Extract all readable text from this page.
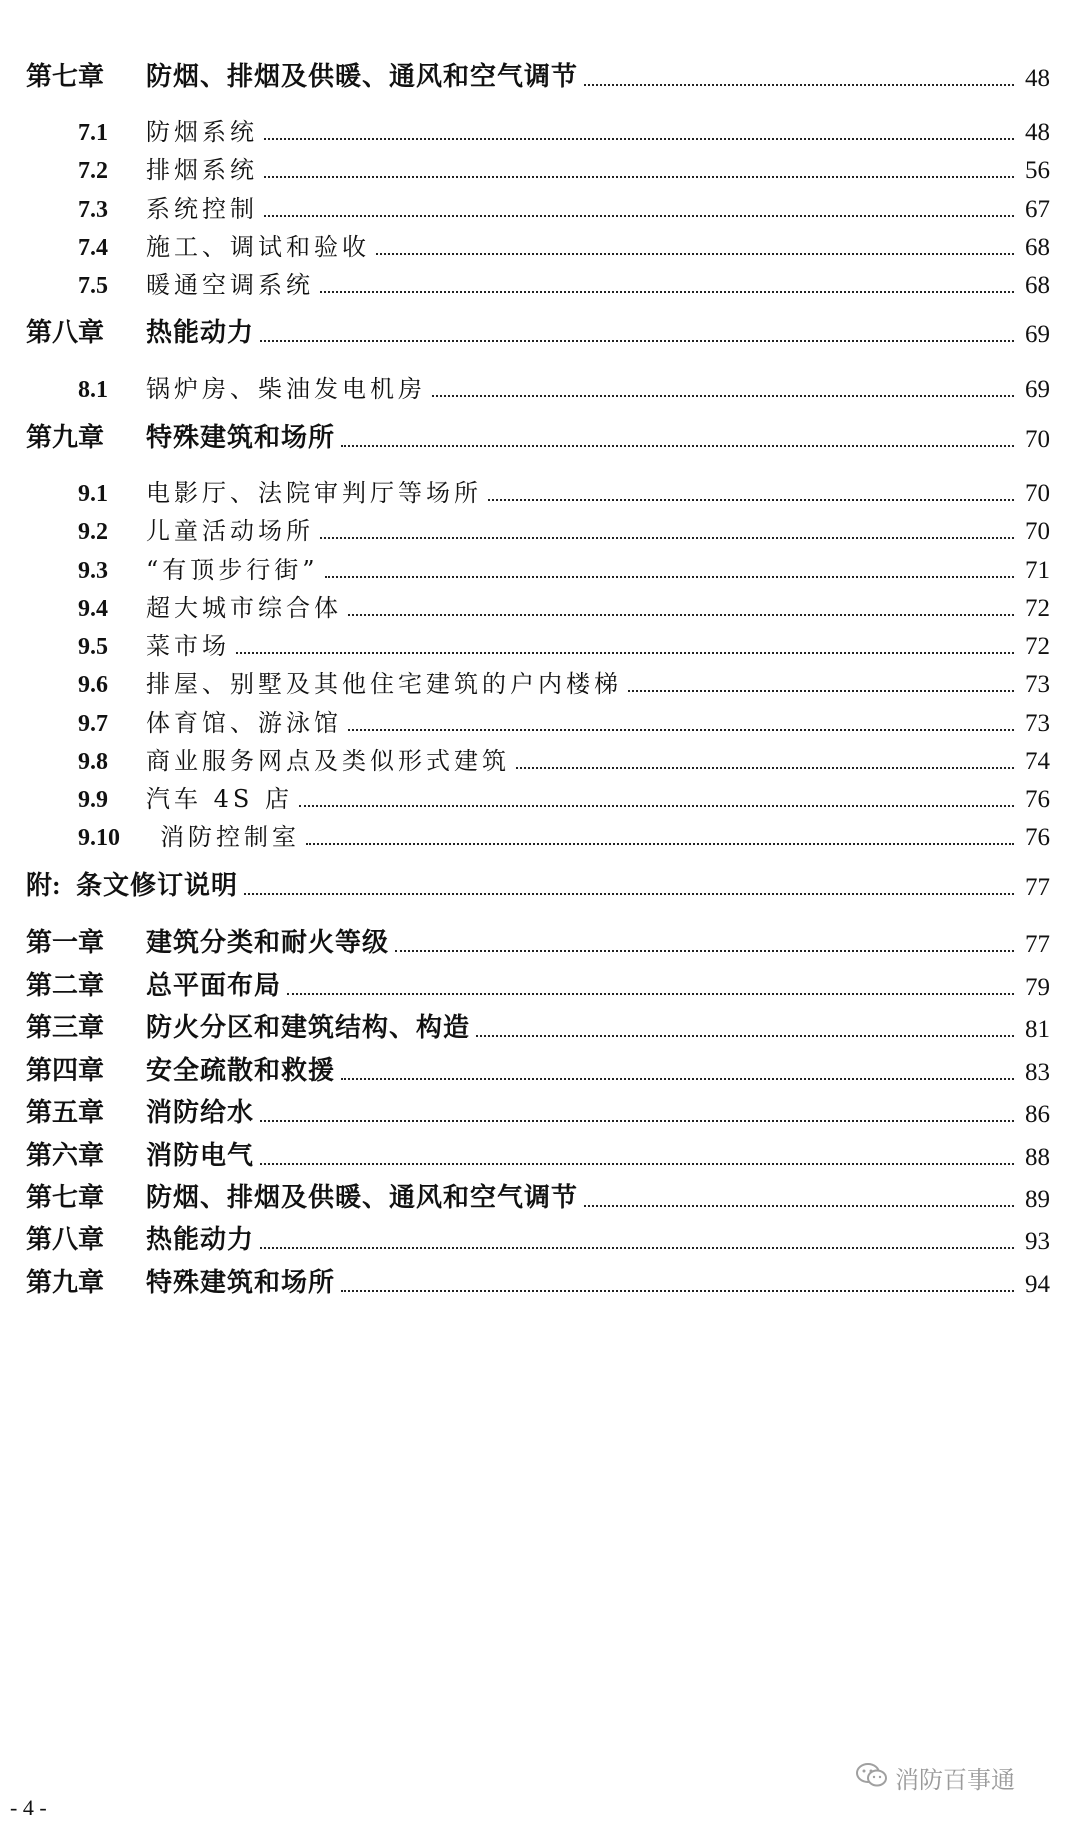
第七章	防烟、排烟及供暖、通风和空气调节	48
7.1	防烟系统	48
7.2	排烟系统	56
7.3	系统控制	67
7.4	施工、调试和验收	68
7.5	暖通空调系统	68
第八章	热能动力	69
8.1	锅炉房、柴油发电机房	69
第九章	特殊建筑和场所	70
9.1	电影厅、法院审判厅等场所	70
9.2	儿童活动场所	70
9.3	“有顶步行街”	71
9.4	超大城市综合体	72
9.5	菜市场	72
9.6	排屋、别墅及其他住宅建筑的户内楼梯	73
9.7	体育馆、游泳馆	73
9.8	商业服务网点及类似形式建筑	74
9.9	汽车 4S 店	76
9.10	消防控制室	76
附: 条文修订说明	77
第一章	建筑分类和耐火等级	77
第二章	总平面布局	79
第三章	防火分区和建筑结构、构造	81
第四章	安全疏散和救援	83
第五章	消防给水	86
第六章	消防电气	88
第七章	防烟、排烟及供暖、通风和空气调节	89
第八章	热能动力	93
第九章	特殊建筑和场所	94
- 4 -
消防百事通
